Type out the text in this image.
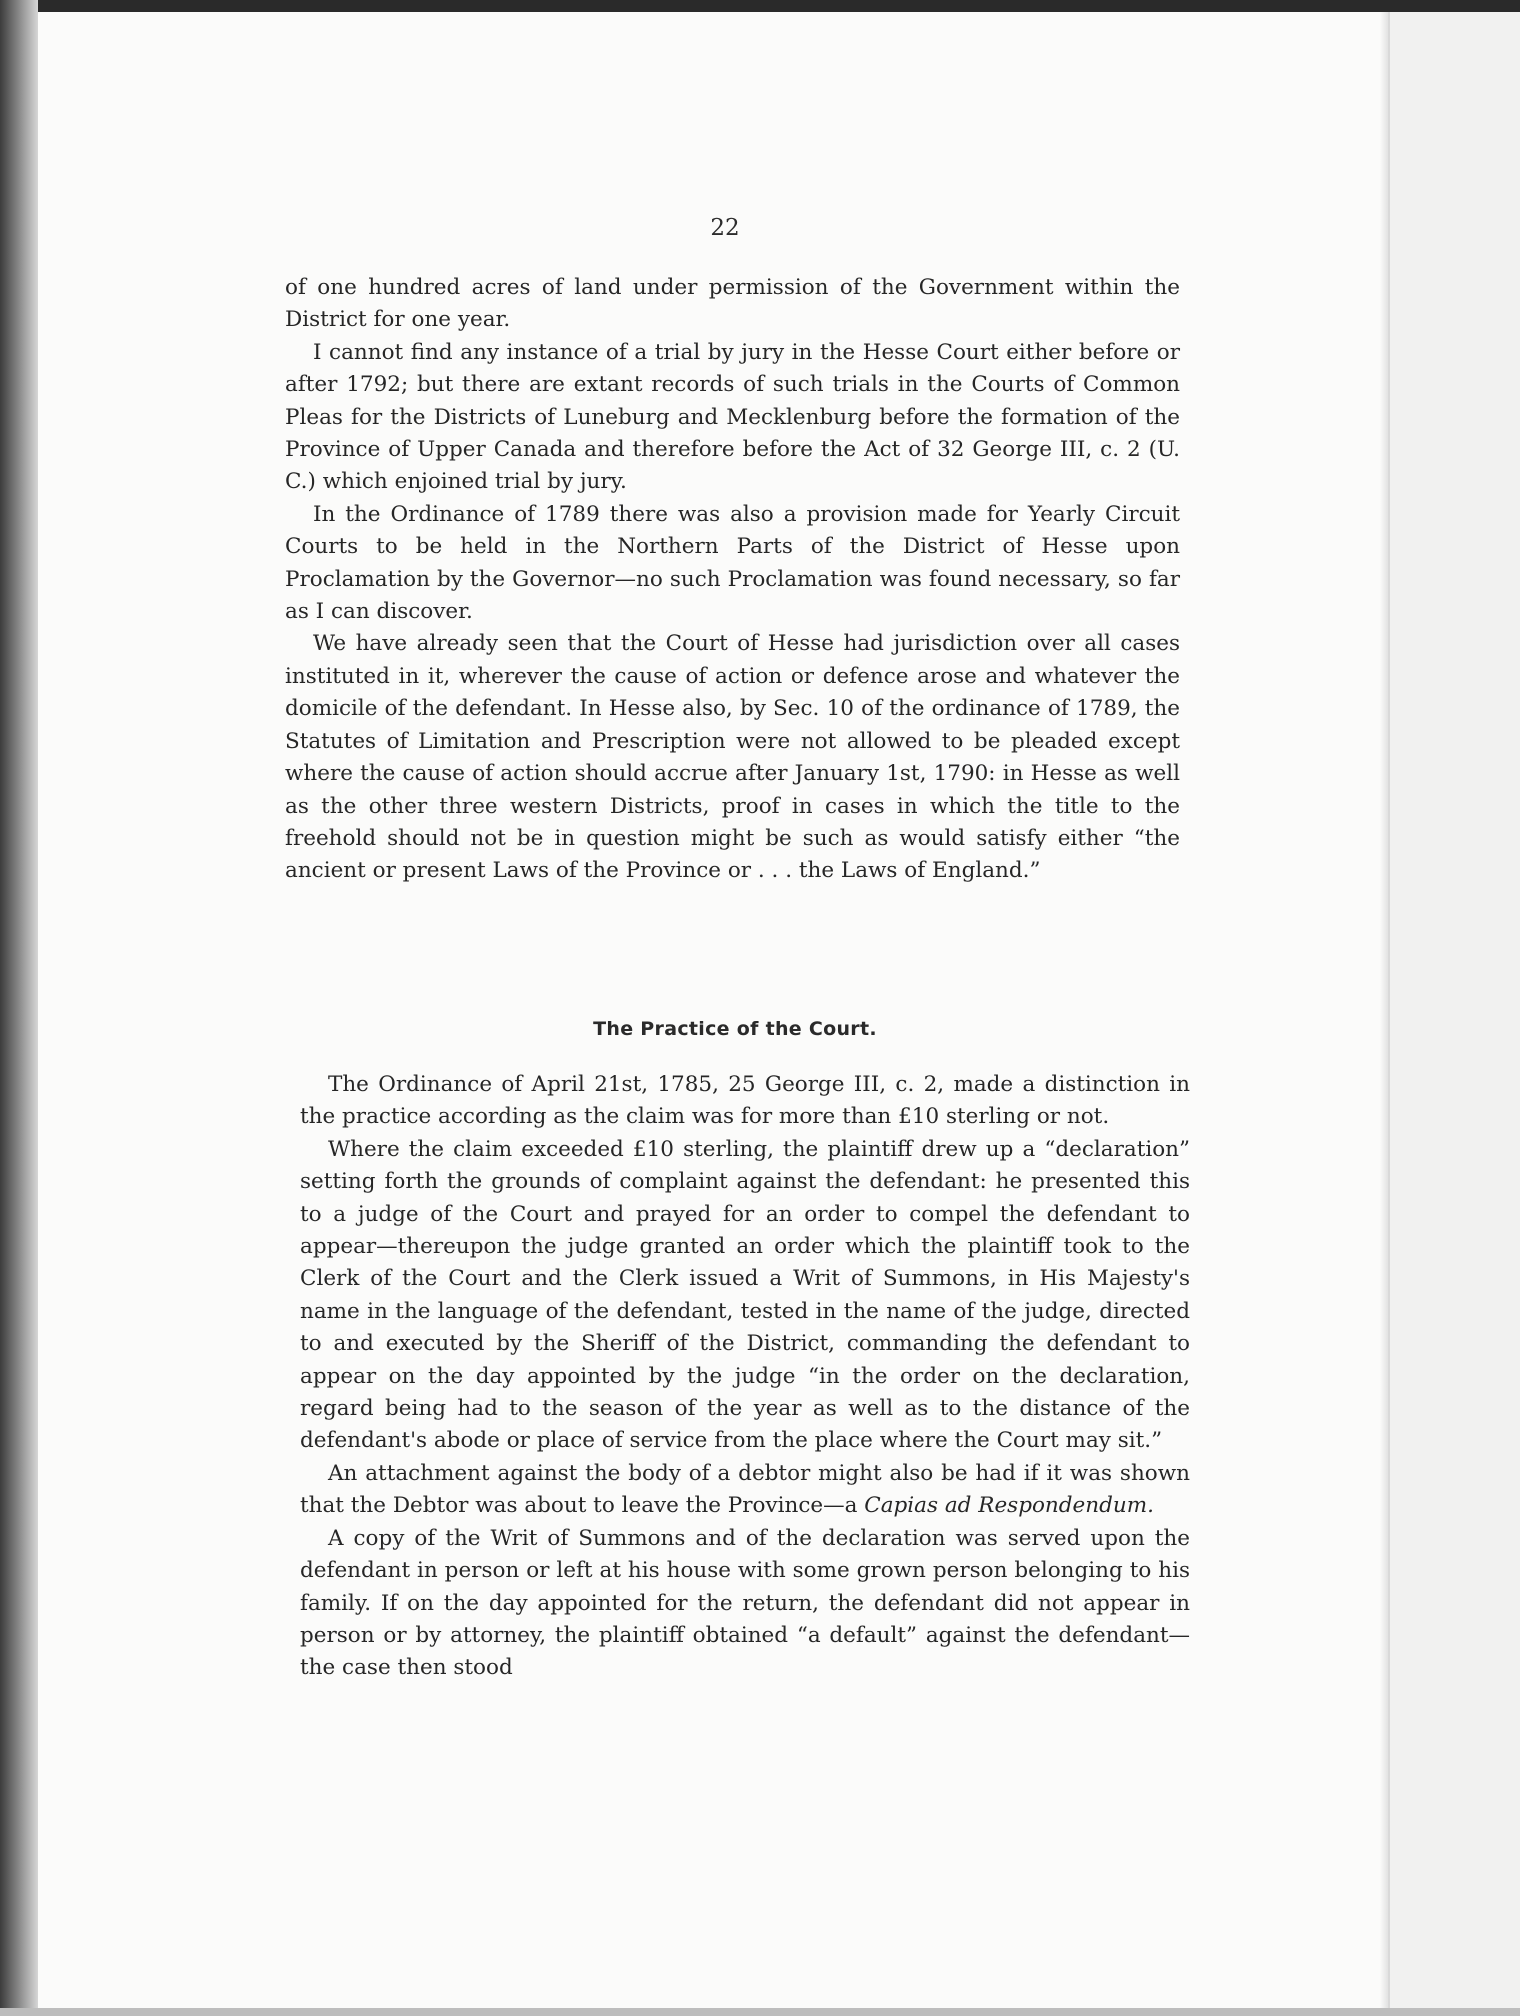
22

of one hundred acres of land under permission of the Government within the District for one year.

I cannot find any instance of a trial by jury in the Hesse Court either before or after 1792; but there are extant records of such trials in the Courts of Common Pleas for the Districts of Luneburg and Mecklenburg before the formation of the Province of Upper Canada and therefore before the Act of 32 George III, c. 2 (U. C.) which enjoined trial by jury.

In the Ordinance of 1789 there was also a provision made for Yearly Circuit Courts to be held in the Northern Parts of the District of Hesse upon Proclamation by the Governor—no such Proclamation was found necessary, so far as I can discover.

We have already seen that the Court of Hesse had jurisdiction over all cases instituted in it, wherever the cause of action or defence arose and whatever the domicile of the defendant. In Hesse also, by Sec. 10 of the ordinance of 1789, the Statutes of Limitation and Prescription were not allowed to be pleaded except where the cause of action should accrue after January 1st, 1790: in Hesse as well as the other three western Districts, proof in cases in which the title to the freehold should not be in question might be such as would satisfy either “the ancient or present Laws of the Province or . . . the Laws of England.”

The Practice of the Court.

The Ordinance of April 21st, 1785, 25 George III, c. 2, made a distinction in the practice according as the claim was for more than £10 sterling or not.

Where the claim exceeded £10 sterling, the plaintiff drew up a “declaration” setting forth the grounds of complaint against the defendant: he presented this to a judge of the Court and prayed for an order to compel the defendant to appear—thereupon the judge granted an order which the plaintiff took to the Clerk of the Court and the Clerk issued a Writ of Summons, in His Majesty's name in the language of the defendant, tested in the name of the judge, directed to and executed by the Sheriff of the District, commanding the defendant to appear on the day appointed by the judge “in the order on the declaration, regard being had to the season of the year as well as to the distance of the defendant's abode or place of service from the place where the Court may sit.”

An attachment against the body of a debtor might also be had if it was shown that the Debtor was about to leave the Province—a Capias ad Respondendum.

A copy of the Writ of Summons and of the declaration was served upon the defendant in person or left at his house with some grown person belonging to his family. If on the day appointed for the return, the defendant did not appear in person or by attorney, the plaintiff obtained “a default” against the defendant—the case then stood
